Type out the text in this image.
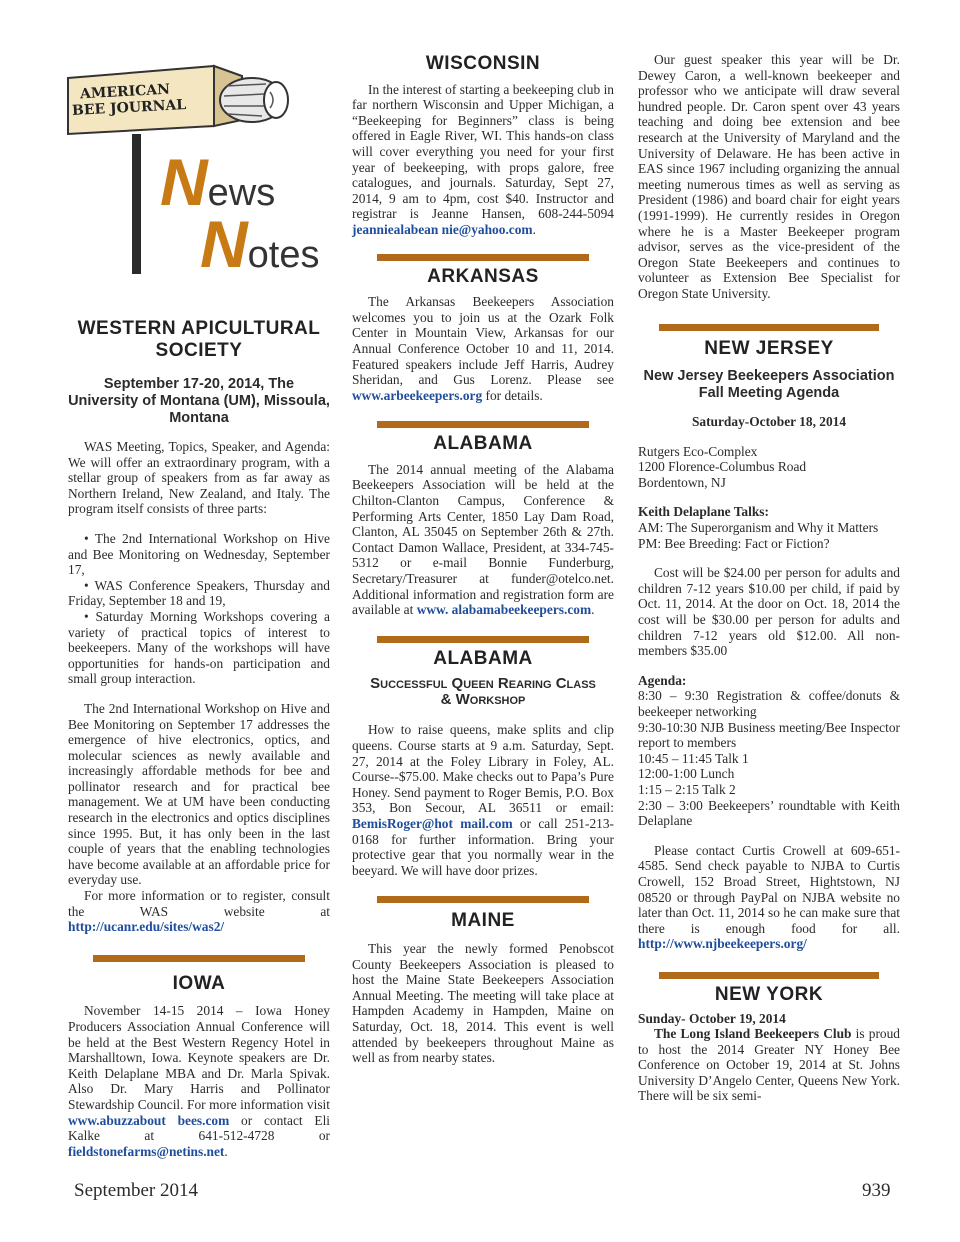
AMERICAN
BEE JOURNAL
News
Notes

WESTERN APICULTURAL

SOCIETY

September 17-20, 2014, The University of Montana (UM), Missoula, Montana

WAS Meeting, Topics, Speaker, and Agenda: We will offer an extraordinary program, with a stellar group of speakers from as far away as Northern Ireland, New Zealand, and Italy. The program itself consists of three parts:

• The 2nd International Workshop on Hive and Bee Monitoring on Wednesday, September 17,

• WAS Conference Speakers, Thursday and Friday, September 18 and 19,

• Saturday Morning Workshops covering a variety of practical topics of interest to beekeepers. Many of the workshops will have opportunities for hands-on participation and small group interaction.

The 2nd International Workshop on Hive and Bee Monitoring on September 17 addresses the emergence of hive electronics, optics, and molecular sciences as newly available and increasingly affordable methods for bee and pollinator research and for practical bee management. We at UM have been conducting research in the electronics and optics disciplines since 1995. But, it has only been in the last couple of years that the enabling technologies have become available at an affordable price for everyday use.

For more information or to register, consult the WAS website at http://ucanr.edu/sites/was2/

IOWA

November 14-15 2014 – Iowa Honey Producers Association Annual Conference will be held at the Best Western Regency Hotel in Marshalltown, Iowa. Keynote speakers are Dr. Keith Delaplane MBA and Dr. Marla Spivak. Also Dr. Mary Harris and Pollinator Stewardship Council. For more information visit www.abuzzabout bees.com or contact Eli Kalke at 641-512-4728 or fieldstonefarms@netins.net.

WISCONSIN

In the interest of starting a beekeeping club in far northern Wisconsin and Upper Michigan, a “Beekeeping for Beginners” class is being offered in Eagle River, WI. This hands-on class will cover everything you need for your first year of beekeeping, with props galore, free catalogues, and journals. Saturday, Sept 27, 2014, 9 am to 4pm, cost $40. Instructor and registrar is Jeanne Hansen, 608-244-5094 jeanniealabean nie@yahoo.com.

ARKANSAS

The Arkansas Beekeepers Association welcomes you to join us at the Ozark Folk Center in Mountain View, Arkansas for our Annual Conference October 10 and 11, 2014. Featured speakers include Jeff Harris, Audrey Sheridan, and Gus Lorenz. Please see www.arbeekeepers.org for details.

ALABAMA

The 2014 annual meeting of the Alabama Beekeepers Association will be held at the Chilton-Clanton Campus, Conference & Performing Arts Center, 1850 Lay Dam Road, Clanton, AL 35045 on September 26th & 27th. Contact Damon Wallace, President, at 334-745-5312 or e-mail Bonnie Funderburg, Secretary/Treasurer at funder@otelco.net. Additional information and registration form are available at www. alabamabeekeepers.com.

ALABAMA

Successful Queen Rearing Class

& Workshop

How to raise queens, make splits and clip queens. Course starts at 9 a.m. Saturday, Sept. 27, 2014 at the Foley Library in Foley, AL. Course--$75.00. Make checks out to Papa’s Pure Honey. Send payment to Roger Bemis, P.O. Box 353, Bon Secour, AL 36511 or email: BemisRoger@hot mail.com or call 251-213-0168 for further information. Bring your protective gear that you normally wear in the beeyard. We will have door prizes.

MAINE

This year the newly formed Penobscot County Beekeepers Association is pleased to host the Maine State Beekeepers Association Annual Meeting. The meeting will take place at Hampden Academy in Hampden, Maine on Saturday, Oct. 18, 2014. This event is well attended by beekeepers throughout Maine as well as from nearby states.

Our guest speaker this year will be Dr. Dewey Caron, a well-known beekeeper and professor who we anticipate will draw several hundred people. Dr. Caron spent over 43 years teaching and doing bee extension and bee research at the University of Maryland and the University of Delaware. He has been active in EAS since 1967 including organizing the annual meeting numerous times as well as serving as President (1986) and board chair for eight years (1991-1999). He currently resides in Oregon where he is a Master Beekeeper program advisor, serves as the vice-president of the Oregon State Beekeepers and continues to volunteer as Extension Bee Specialist for Oregon State University.

NEW JERSEY

New Jersey Beekeepers Association

Fall Meeting Agenda

Saturday-October 18, 2014

Rutgers Eco-Complex

1200 Florence-Columbus Road

Bordentown, NJ

Keith Delaplane Talks:

AM: The Superorganism and Why it Matters

PM: Bee Breeding: Fact or Fiction?

Cost will be $24.00 per person for adults and children 7-12 years $10.00 per child, if paid by Oct. 11, 2014. At the door on Oct. 18, 2014 the cost will be $30.00 per person for adults and children 7-12 years old $12.00. All non-members $35.00

Agenda:

8:30 – 9:30 Registration & coffee/donuts & beekeeper networking

9:30-10:30 NJB Business meeting/Bee Inspector report to members

10:45 – 11:45 Talk 1

12:00-1:00 Lunch

1:15 – 2:15 Talk 2

2:30 – 3:00 Beekeepers’ roundtable with Keith Delaplane

Please contact Curtis Crowell at 609-651-4585. Send check payable to NJBA to Curtis Crowell, 152 Broad Street, Hightstown, NJ 08520 or through PayPal on NJBA website no later than Oct. 11, 2014 so he can make sure that there is enough food for all. http://www.njbeekeepers.org/

NEW YORK

Sunday- October 19, 2014

The Long Island Beekeepers Club is proud to host the 2014 Greater NY Honey Bee Conference on October 19, 2014 at St. Johns University D’Angelo Center, Queens New York. There will be six semi-

September 2014	939
